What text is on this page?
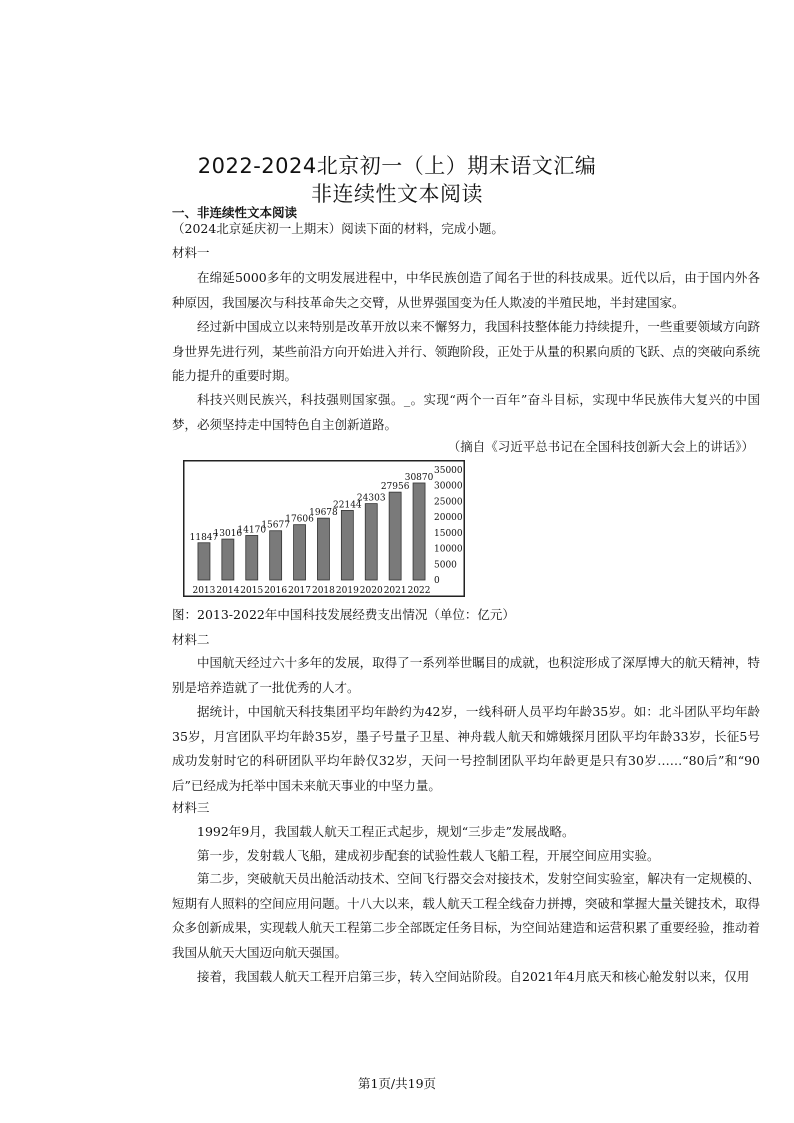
2022-2024北京初一（上）期末语文汇编
非连续性文本阅读
一、非连续性文本阅读
（2024北京延庆初一上期末）阅读下面的材料，完成小题。
材料一
在绵延5000多年的文明发展进程中，中华民族创造了闻名于世的科技成果。近代以后，由于国内外各种原因，我国屡次与科技革命失之交臂，从世界强国变为任人欺凌的半殖民地，半封建国家。
经过新中国成立以来特别是改革开放以来不懈努力，我国科技整体能力持续提升，一些重要领域方向跻身世界先进行列，某些前沿方向开始进入并行、领跑阶段，正处于从量的积累向质的飞跃、点的突破向系统能力提升的重要时期。
科技兴则民族兴，科技强则国家强。_。实现“两个一百年”奋斗目标，实现中华民族伟大复兴的中国梦，必须坚持走中国特色自主创新道路。
（摘自《习近平总书记在全国科技创新大会上的讲话》）
11847
13016
14170
15677
17606
19678
22144
24303
27956
30870
2013 2014 2015 2016 2017 2018 2019 2020 2021 2022
35000
30000
25000
20000
15000
10000
5000
0
图：2013-2022年中国科技发展经费支出情况（单位：亿元）
材料二
中国航天经过六十多年的发展，取得了一系列举世瞩目的成就，也积淀形成了深厚博大的航天精神，特别是培养造就了一批优秀的人才。
据统计，中国航天科技集团平均年龄约为42岁，一线科研人员平均年龄35岁。如：北斗团队平均年龄35岁，月宫团队平均年龄35岁，墨子号量子卫星、神舟载人航天和嫦娥探月团队平均年龄33岁，长征5号成功发射时它的科研团队平均年龄仅32岁，天问一号控制团队平均年龄更是只有30岁……“80后”和“90后”已经成为托举中国未来航天事业的中坚力量。
材料三
1992年9月，我国载人航天工程正式起步，规划“三步走”发展战略。
第一步，发射载人飞船，建成初步配套的试验性载人飞船工程，开展空间应用实验。
第二步，突破航天员出舱活动技术、空间飞行器交会对接技术，发射空间实验室，解决有一定规模的、短期有人照料的空间应用问题。十八大以来，载人航天工程全线奋力拼搏，突破和掌握大量关键技术，取得众多创新成果，实现载人航天工程第二步全部既定任务目标，为空间站建造和运营积累了重要经验，推动着我国从航天大国迈向航天强国。
接着，我国载人航天工程开启第三步，转入空间站阶段。自2021年4月底天和核心舱发射以来，仅用
第1页/共19页
